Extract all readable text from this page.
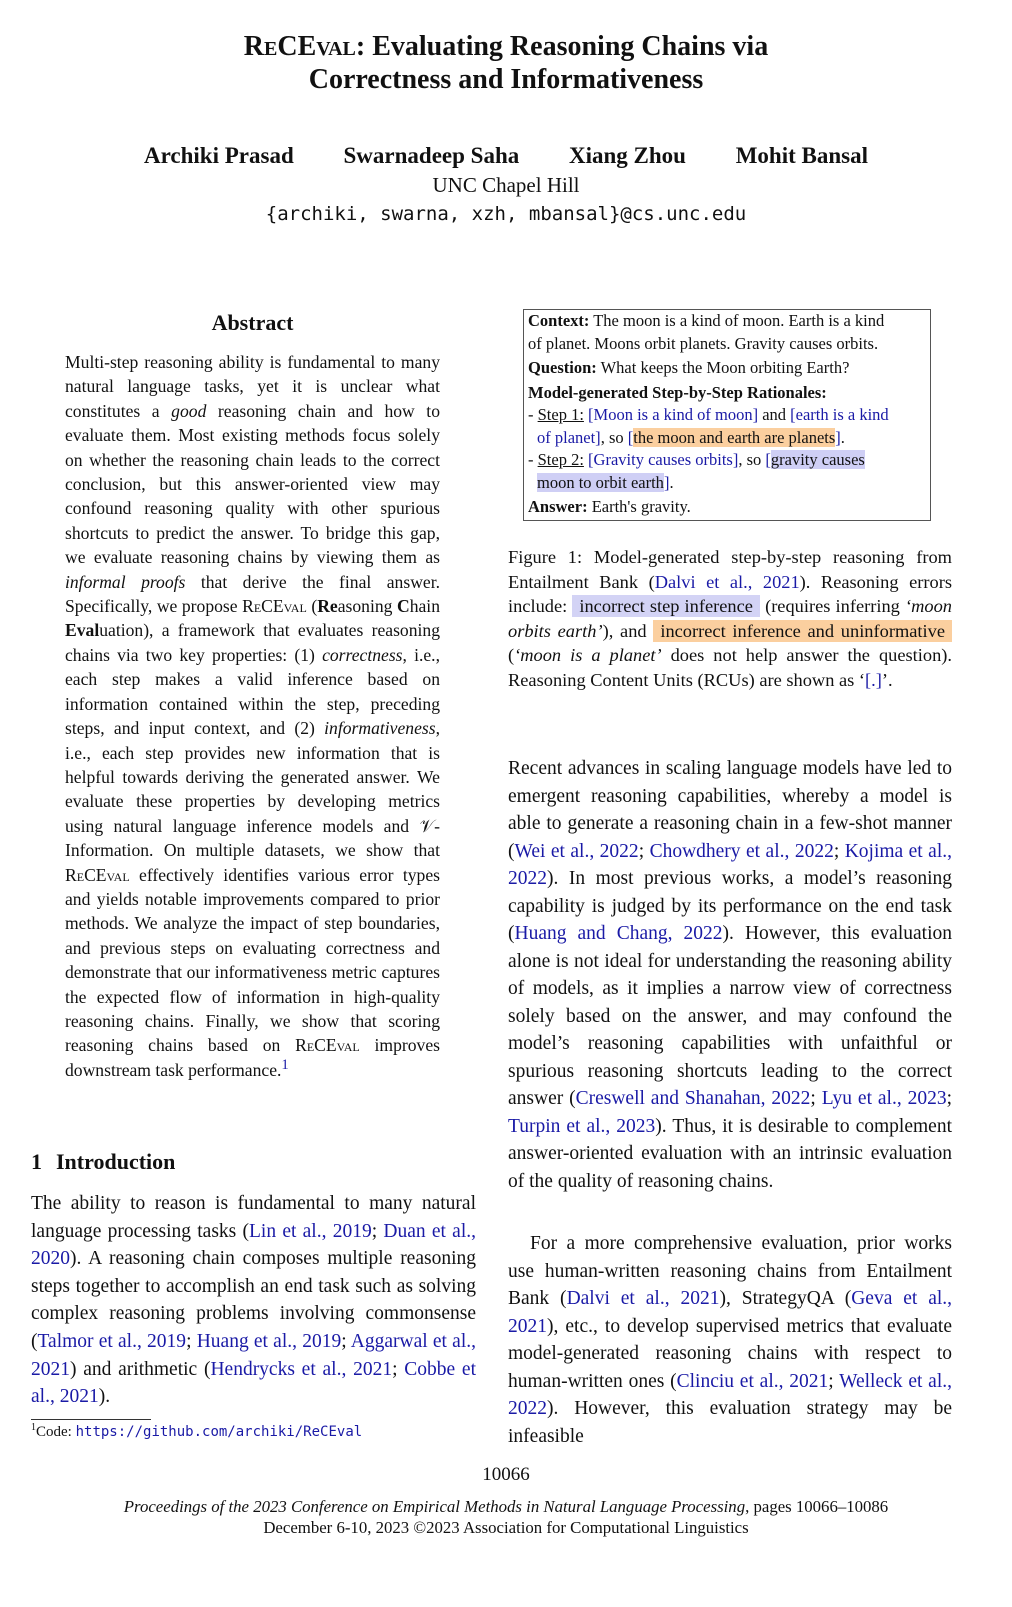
ReCEval: Evaluating Reasoning Chains via
Correctness and Informativeness
Archiki Prasad Swarnadeep Saha Xiang Zhou Mohit Bansal
UNC Chapel Hill
{archiki, swarna, xzh, mbansal}@cs.unc.edu
Abstract
Multi-step reasoning ability is fundamental to many natural language tasks, yet it is unclear what constitutes a good reasoning chain and how to evaluate them. Most existing methods focus solely on whether the reasoning chain leads to the correct conclusion, but this answer-oriented view may confound reasoning quality with other spurious shortcuts to predict the answer. To bridge this gap, we evaluate reasoning chains by viewing them as informal proofs that derive the final answer. Specifically, we propose ReCEval (Reasoning Chain Evaluation), a framework that evaluates reasoning chains via two key properties: (1) correctness, i.e., each step makes a valid inference based on information contained within the step, preceding steps, and input context, and (2) informativeness, i.e., each step provides new information that is helpful towards deriving the generated answer. We evaluate these properties by developing metrics using natural language inference models and 𝒱-Information. On multiple datasets, we show that ReCEval effectively identifies various error types and yields notable improvements compared to prior methods. We analyze the impact of step boundaries, and previous steps on evaluating correctness and demonstrate that our informativeness metric captures the expected flow of information in high-quality reasoning chains. Finally, we show that scoring reasoning chains based on ReCEval improves downstream task performance.$^1$
1 Introduction
The ability to reason is fundamental to many natural language processing tasks (Lin et al., 2019; Duan et al., 2020). A reasoning chain composes multiple reasoning steps together to accomplish an end task such as solving complex reasoning problems involving commonsense (Talmor et al., 2019; Huang et al., 2019; Aggarwal et al., 2021) and arithmetic (Hendrycks et al., 2021; Cobbe et al., 2021).
$^1$Code: https://github.com/archiki/ReCEval
Context: The moon is a kind of moon. Earth is a kind
of planet. Moons orbit planets. Gravity causes orbits.
Question: What keeps the Moon orbiting Earth?
Model-generated Step-by-Step Rationales:
- Step 1: [Moon is a kind of moon] and [earth is a kind
of planet], so [the moon and earth are planets].
- Step 2: [Gravity causes orbits], so [gravity causes
moon to orbit earth].
Answer: Earth's gravity.
Figure 1: Model-generated step-by-step reasoning from Entailment Bank (Dalvi et al., 2021). Reasoning errors include: incorrect step inference (requires inferring ‘moon orbits earth’), and incorrect inference and uninformative (‘moon is a planet’ does not help answer the question). Reasoning Content Units (RCUs) are shown as ‘[.]’.
Recent advances in scaling language models have led to emergent reasoning capabilities, whereby a model is able to generate a reasoning chain in a few-shot manner (Wei et al., 2022; Chowdhery et al., 2022; Kojima et al., 2022). In most previous works, a model’s reasoning capability is judged by its performance on the end task (Huang and Chang, 2022). However, this evaluation alone is not ideal for understanding the reasoning ability of models, as it implies a narrow view of correctness solely based on the answer, and may confound the model’s reasoning capabilities with unfaithful or spurious reasoning shortcuts leading to the correct answer (Creswell and Shanahan, 2022; Lyu et al., 2023; Turpin et al., 2023). Thus, it is desirable to complement answer-oriented evaluation with an intrinsic evaluation of the quality of reasoning chains.
For a more comprehensive evaluation, prior works use human-written reasoning chains from Entailment Bank (Dalvi et al., 2021), StrategyQA (Geva et al., 2021), etc., to develop supervised metrics that evaluate model-generated reasoning chains with respect to human-written ones (Clinciu et al., 2021; Welleck et al., 2022). However, this evaluation strategy may be infeasible
10066
Proceedings of the 2023 Conference on Empirical Methods in Natural Language Processing, pages 10066–10086
December 6-10, 2023 ©2023 Association for Computational Linguistics
